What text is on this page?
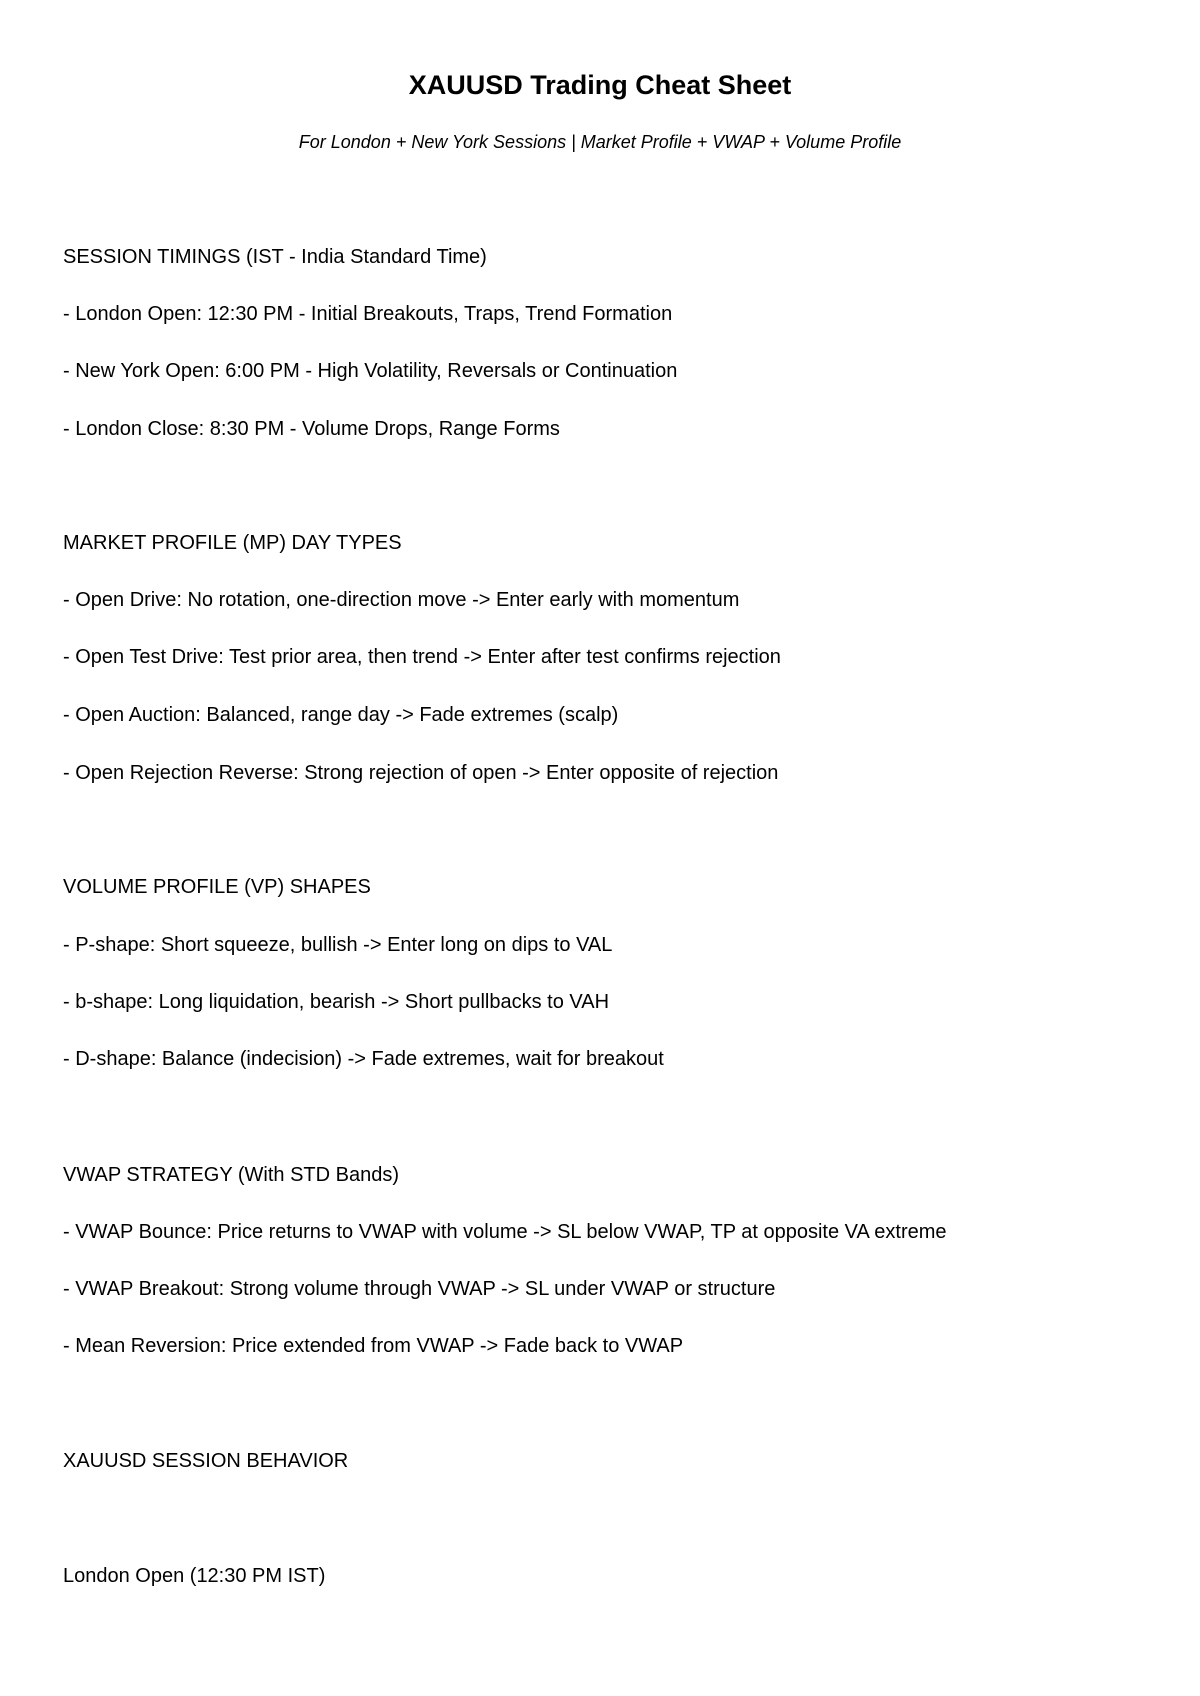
XAUUSD Trading Cheat Sheet

For London + New York Sessions | Market Profile + VWAP + Volume Profile

SESSION TIMINGS (IST - India Standard Time)

- London Open: 12:30 PM - Initial Breakouts, Traps, Trend Formation

- New York Open: 6:00 PM - High Volatility, Reversals or Continuation

- London Close: 8:30 PM - Volume Drops, Range Forms

MARKET PROFILE (MP) DAY TYPES

- Open Drive: No rotation, one-direction move -> Enter early with momentum

- Open Test Drive: Test prior area, then trend -> Enter after test confirms rejection

- Open Auction: Balanced, range day -> Fade extremes (scalp)

- Open Rejection Reverse: Strong rejection of open -> Enter opposite of rejection

VOLUME PROFILE (VP) SHAPES

- P-shape: Short squeeze, bullish -> Enter long on dips to VAL

- b-shape: Long liquidation, bearish -> Short pullbacks to VAH

- D-shape: Balance (indecision) -> Fade extremes, wait for breakout

VWAP STRATEGY (With STD Bands)

- VWAP Bounce: Price returns to VWAP with volume -> SL below VWAP, TP at opposite VA extreme

- VWAP Breakout: Strong volume through VWAP -> SL under VWAP or structure

- Mean Reversion: Price extended from VWAP -> Fade back to VWAP

XAUUSD SESSION BEHAVIOR

London Open (12:30 PM IST)
